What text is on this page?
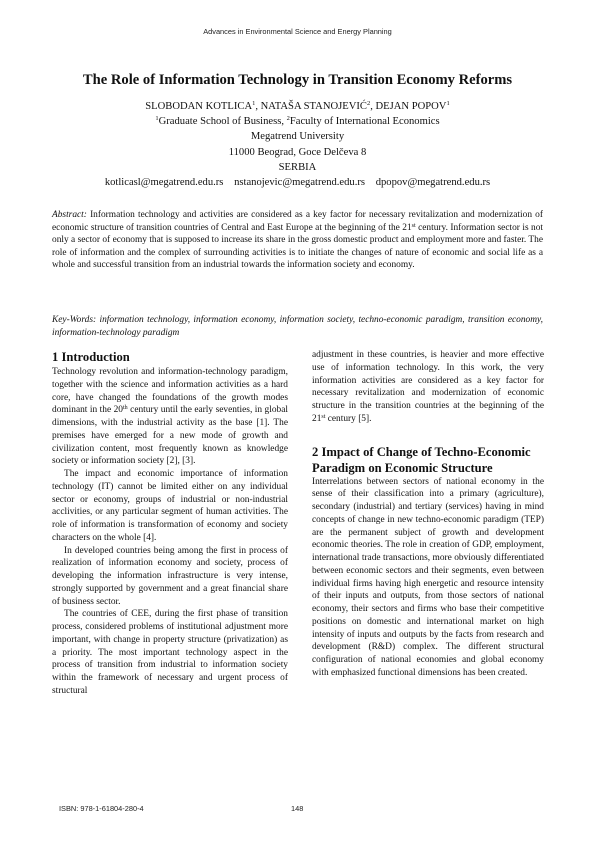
Advances in Environmental Science and Energy Planning
The Role of Information Technology in Transition Economy Reforms
SLOBODAN KOTLICA$^1$, NATAŠA STANOJEVIĆ$^2$, DEJAN POPOV$^1$
$^1$Graduate School of Business, $^2$Faculty of International Economics
Megatrend University
11000 Beograd, Goce Delčeva 8
SERBIA
kotlicasl@megatrend.edu.rs nstanojevic@megatrend.edu.rs dpopov@megatrend.edu.rs

Abstract: Information technology and activities are considered as a key factor for necessary revitalization and modernization of economic structure of transition countries of Central and East Europe at the beginning of the 21st century. Information sector is not only a sector of economy that is supposed to increase its share in the gross domestic product and employment more and faster. The role of information and the complex of surrounding activities is to initiate the changes of nature of economic and social life as a whole and successful transition from an industrial towards the information society and economy.

Key-Words: information technology, information economy, information society, techno-economic paradigm, transition economy, information-technology paradigm

1 Introduction

Technology revolution and information-technology paradigm, together with the science and information activities as a hard core, have changed the foundations of the growth modes dominant in the 20th century until the early seventies, in global dimensions, with the industrial activity as the base [1]. The premises have emerged for a new mode of growth and civilization content, most frequently known as knowledge society or information society [2], [3].

The impact and economic importance of information technology (IT) cannot be limited either on any individual sector or economy, groups of industrial or non-industrial acclivities, or any particular segment of human activities. The role of information is transformation of economy and society characters on the whole [4].

In developed countries being among the first in process of realization of information economy and society, process of developing the information infrastructure is very intense, strongly supported by government and a great financial share of business sector.

The countries of CEE, during the first phase of transition process, considered problems of institutional adjustment more important, with change in property structure (privatization) as a priority. The most important technology aspect in the process of transition from industrial to information society within the framework of necessary and urgent process of structural

adjustment in these countries, is heavier and more effective use of information technology. In this work, the very information activities are considered as a key factor for necessary revitalization and modernization of economic structure in the transition countries at the beginning of the 21st century [5].

2 Impact of Change of Techno-Economic Paradigm on Economic Structure

Interrelations between sectors of national economy in the sense of their classification into a primary (agriculture), secondary (industrial) and tertiary (services) having in mind concepts of change in new techno-economic paradigm (TEP) are the permanent subject of growth and development economic theories. The role in creation of GDP, employment, international trade transactions, more obviously differentiated between economic sectors and their segments, even between individual firms having high energetic and resource intensity of their inputs and outputs, from those sectors of national economy, their sectors and firms who base their competitive positions on domestic and international market on high intensity of inputs and outputs by the facts from research and development (R&D) complex. The different structural configuration of national economies and global economy with emphasized functional dimensions has been created.

ISBN: 978-1-61804-280-4	148
